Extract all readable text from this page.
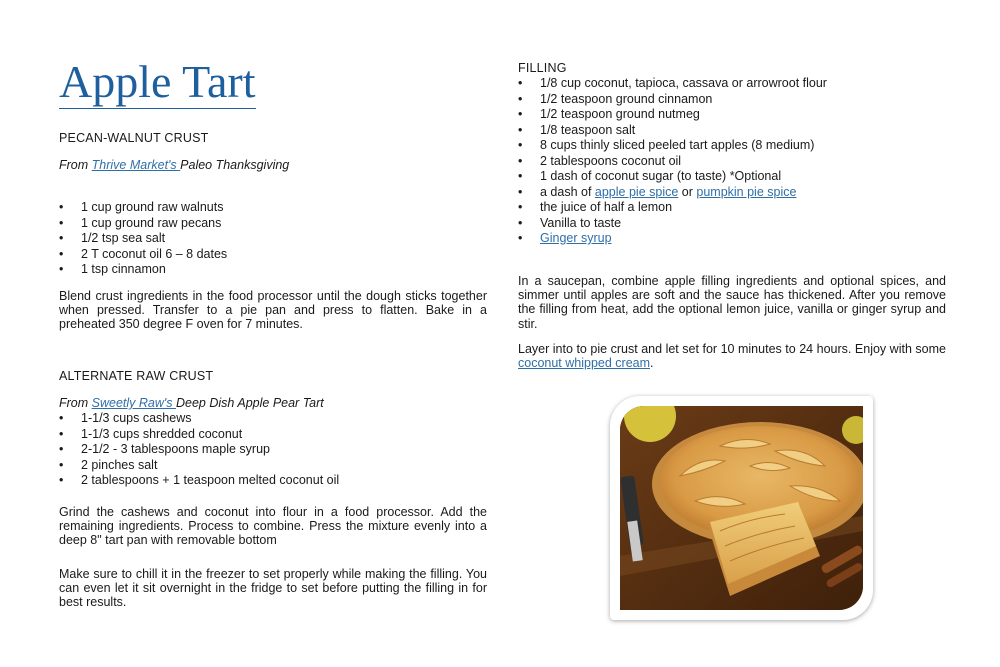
Apple Tart
PECAN-WALNUT CRUST
From Thrive Market's Paleo Thanksgiving
• 1 cup ground raw walnuts
• 1 cup ground raw pecans
• 1/2 tsp sea salt
• 2 T coconut oil 6 – 8 dates
• 1 tsp cinnamon

Blend crust ingredients in the food processor until the dough sticks together when pressed. Transfer to a pie pan and press to flatten. Bake in a preheated 350 degree F oven for 7 minutes.

ALTERNATE RAW CRUST
From Sweetly Raw's Deep Dish Apple Pear Tart
• 1-1/3 cups cashews
• 1-1/3 cups shredded coconut
• 2-1/2 - 3 tablespoons maple syrup
• 2 pinches salt
• 2 tablespoons + 1 teaspoon melted coconut oil

Grind the cashews and coconut into flour in a food processor. Add the remaining ingredients. Process to combine. Press the mixture evenly into a deep 8" tart pan with removable bottom

Make sure to chill it in the freezer to set properly while making the filling. You can even let it sit overnight in the fridge to set before putting the filling in for best results.

FILLING
• 1/8 cup coconut, tapioca, cassava or arrowroot flour
• 1/2 teaspoon ground cinnamon
• 1/2 teaspoon ground nutmeg
• 1/8 teaspoon salt
• 8 cups thinly sliced peeled tart apples (8 medium)
• 2 tablespoons coconut oil
• 1 dash of coconut sugar (to taste) *Optional
• a dash of apple pie spice or pumpkin pie spice
• the juice of half a lemon
• Vanilla to taste
• Ginger syrup

In a saucepan, combine apple filling ingredients and optional spices, and simmer until apples are soft and the sauce has thickened. After you remove the filling from heat, add the optional lemon juice, vanilla or ginger syrup and stir.

Layer into to pie crust and let set for 10 minutes to 24 hours. Enjoy with some coconut whipped cream.
